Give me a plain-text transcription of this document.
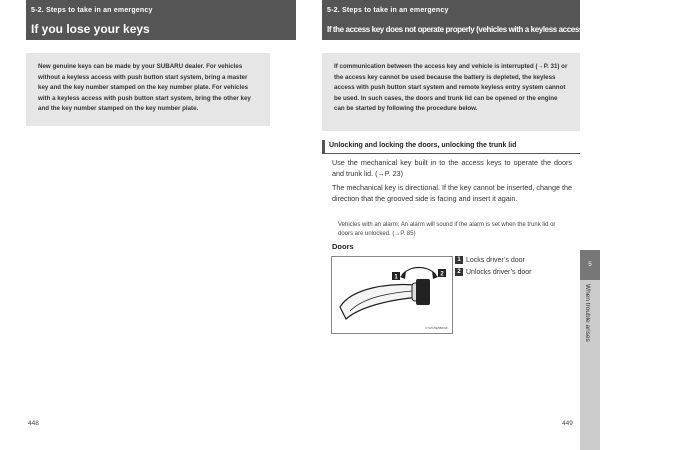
5-2. Steps to take in an emergency
If you lose your keys
New genuine keys can be made by your SUBARU dealer. For vehicles without a keyless access with push button start system, bring a master key and the key number stamped on the key number plate. For vehicles with a keyless access with push button start system, bring the other key and the key number stamped on the key number plate.
448
5-2. Steps to take in an emergency
If the access key does not operate properly (vehicles with a keyless access with push button start system)
If communication between the access key and vehicle is interrupted (→P. 31) or the access key cannot be used because the battery is depleted, the keyless access with push button start system and remote keyless entry system cannot be used. In such cases, the doors and trunk lid can be opened or the engine can be started by following the procedure below.
Unlocking and locking the doors, unlocking the trunk lid

Use the mechanical key built in to the access keys to operate the doors and trunk lid. (→P. 23)

The mechanical key is directional. If the key cannot be inserted, change the direction that the grooved side is facing and insert it again.

Vehicles with an alarm: An alarm will sound if the alarm is set when the trunk lid or doors are unlocked. (→P. 85)

Doors
1	2
CTH5J5E5B4WF
1 Locks driver’s door
2 Unlocks driver’s door
5
When trouble arises
449
